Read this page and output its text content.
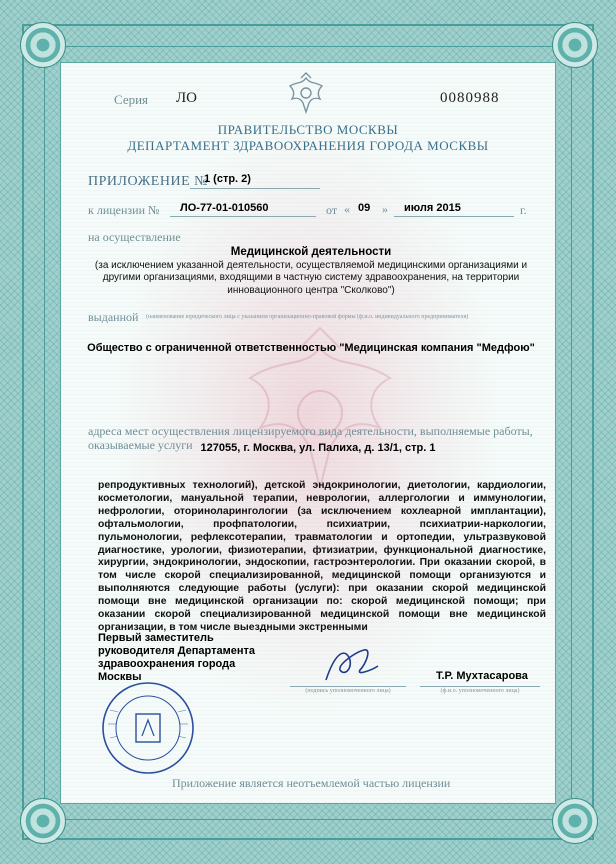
Серия ЛО	0080988
ПРАВИТЕЛЬСТВО МОСКВЫ
ДЕПАРТАМЕНТ ЗДРАВООХРАНЕНИЯ ГОРОДА МОСКВЫ
ПРИЛОЖЕНИЕ №
1 (стр. 2)
к лицензии № ЛО-77-01-010560	от « 09 » июля 2015	г.
на осуществление
Медицинской деятельности
(за исключением указанной деятельности, осуществляемой медицинскими организациями и другими организациями, входящими в частную систему здравоохранения, на территории инновационного центра "Сколково")
выданной (наименование юридического лица с указанием организационно-правовой формы (ф.и.о. индивидуального предпринимателя)
Общество с ограниченной ответственностью "Медицинская компания "Медфою"
адреса мест осуществления лицензируемого вида деятельности, выполняемые работы, оказываемые услуги 127055, г. Москва, ул. Палиха, д. 13/1, стр. 1
репродуктивных технологий), детской эндокринологии, диетологии, кардиологии, косметологии, мануальной терапии, неврологии, аллергологии и иммунологии, нефрологии, оториноларингологии (за исключением кохлеарной имплантации), офтальмологии, профпатологии, психиатрии, психиатрии-наркологии, пульмонологии, рефлексотерапии, травматологии и ортопедии, ультразвуковой диагностике, урологии, физиотерапии, фтизиатрии, функциональной диагностике, хирургии, эндокринологии, эндоскопии, гастроэнтерологии. При оказании скорой, в том числе скорой специализированной, медицинской помощи организуются и выполняются следующие работы (услуги): при оказании скорой медицинской помощи вне медицинской организации по: скорой медицинской помощи; при оказании скорой специализированной медицинской помощи вне медицинской организации, в том числе выездными экстренными
Первый заместитель руководителя Департамента здравоохранения города Москвы
(подпись уполномоченного лица)	(ф.и.о. уполномоченного лица)
Т.Р. Мухтасарова
Приложение является неотъемлемой частью лицензии
